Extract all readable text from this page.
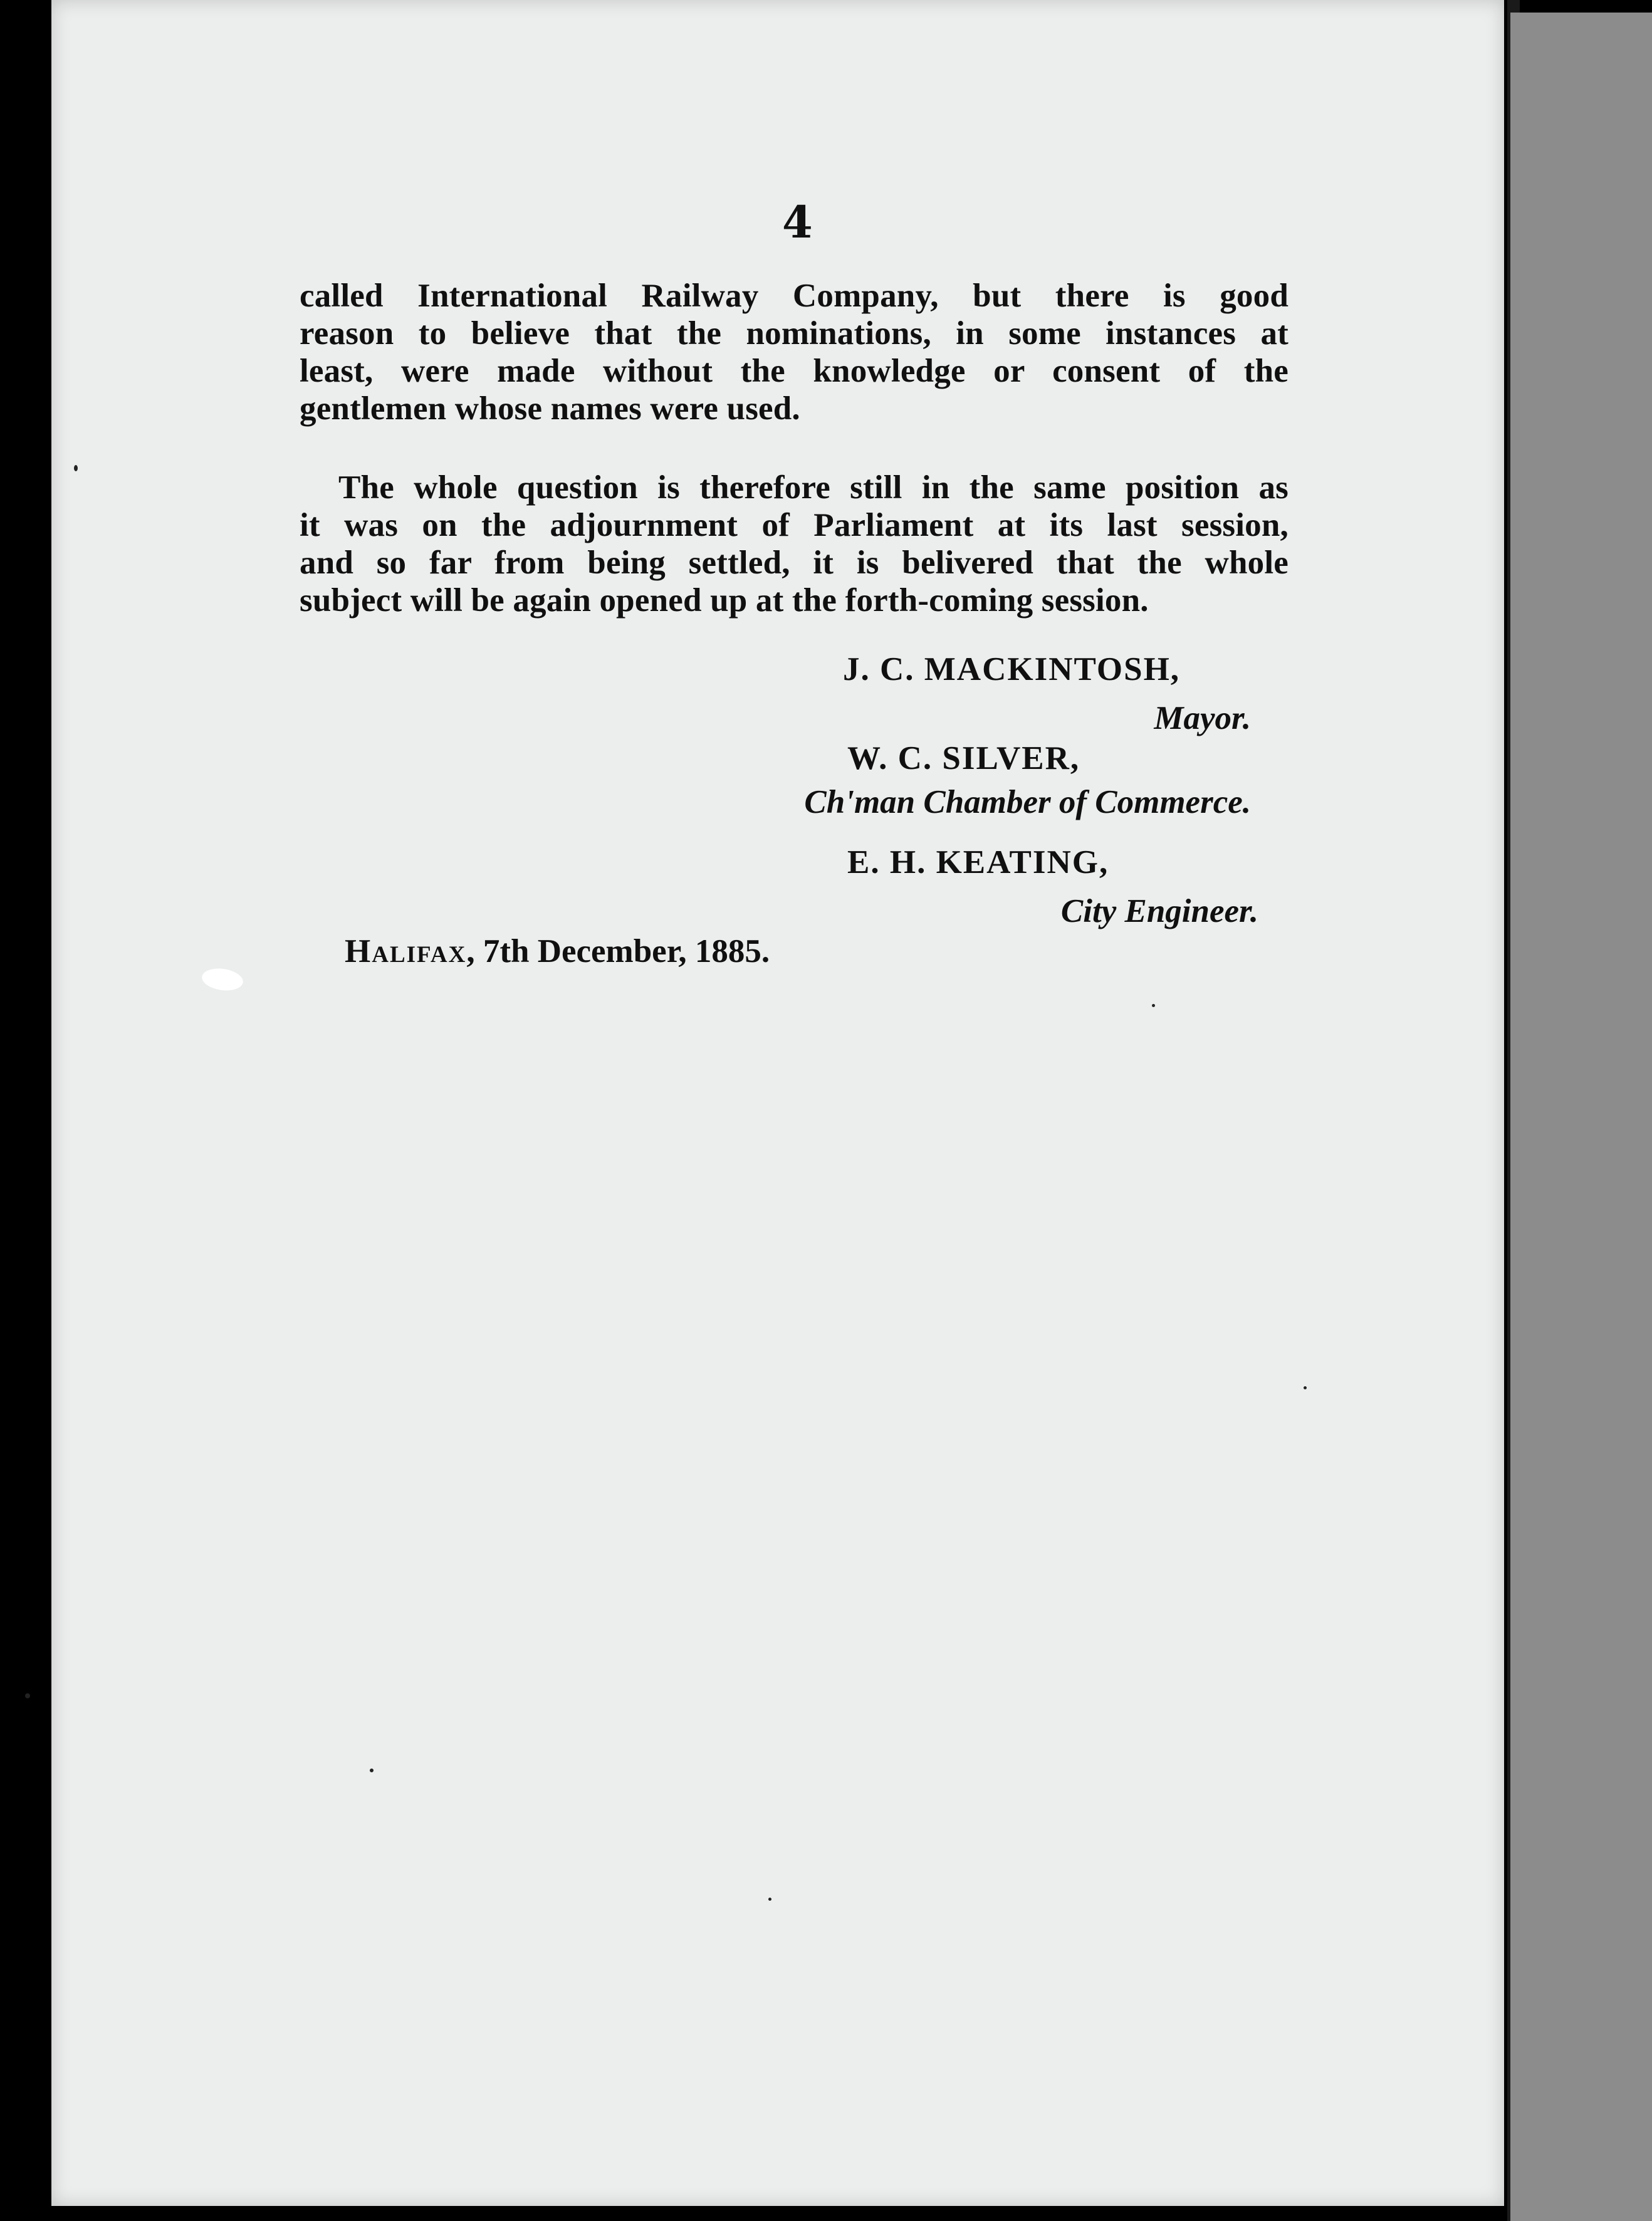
4
called International Railway Company, but there is good
reason to believe that the nominations, in some instances at
least, were made without the knowledge or consent of the
gentlemen whose names were used.
The whole question is therefore still in the same position as
it was on the adjournment of Parliament at its last session,
and so far from being settled, it is belivered that the whole
subject will be again opened up at the forth-coming session.
J. C. MACKINTOSH,
Mayor.
W. C. SILVER,
Ch'man Chamber of Commerce.
E. H. KEATING,
City Engineer.
Halifax, 7th December, 1885.
